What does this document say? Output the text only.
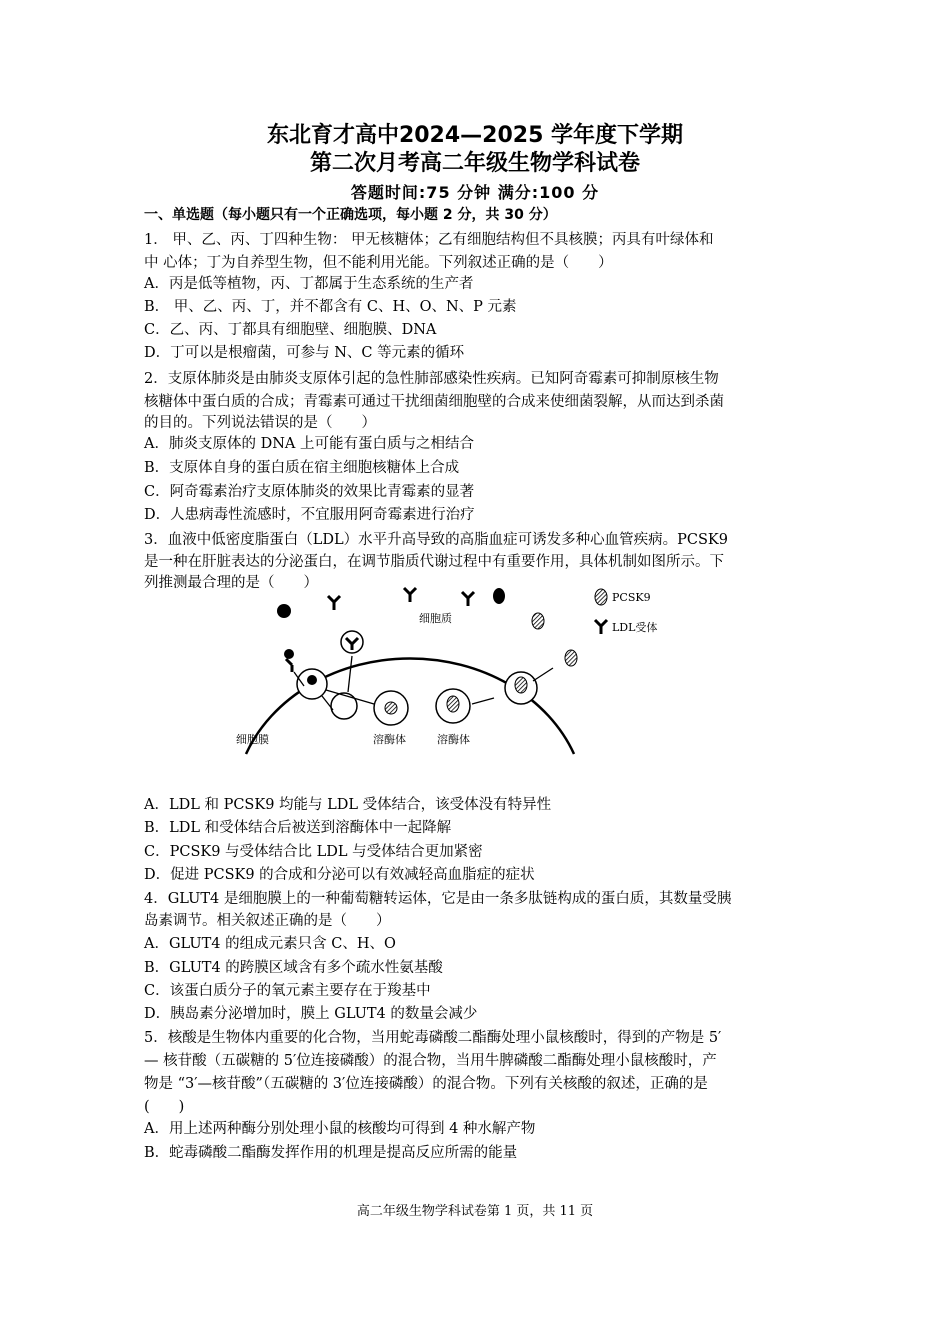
东北育才高中2024—2025 学年度下学期
第二次月考高二年级生物学科试卷
答题时间:75 分钟 满分:100 分
一、单选题（每小题只有一个正确选项，每小题 2 分，共 30 分）
1． 甲、乙、丙、丁四种生物： 甲无核糖体；乙有细胞结构但不具核膜；丙具有叶绿体和
中 心体；丁为自养型生物，但不能利用光能。下列叙述正确的是（　　）
A．丙是低等植物，丙、丁都属于生态系统的生产者
B． 甲、乙、丙、丁，并不都含有 C、H、O、N、P 元素
C．乙、丙、丁都具有细胞壁、细胞膜、DNA
D．丁可以是根瘤菌，可参与 N、C 等元素的循环
2．支原体肺炎是由肺炎支原体引起的急性肺部感染性疾病。已知阿奇霉素可抑制原核生物
核糖体中蛋白质的合成；青霉素可通过干扰细菌细胞壁的合成来使细菌裂解，从而达到杀菌
的目的。下列说法错误的是（　　）
A．肺炎支原体的 DNA 上可能有蛋白质与之相结合
B．支原体自身的蛋白质在宿主细胞核糖体上合成
C．阿奇霉素治疗支原体肺炎的效果比青霉素的显著
D．人患病毒性流感时，不宜服用阿奇霉素进行治疗
3．血液中低密度脂蛋白（LDL）水平升高导致的高脂血症可诱发多种心血管疾病。PCSK9
是一种在肝脏表达的分泌蛋白，在调节脂质代谢过程中有重要作用，具体机制如图所示。下
列推测最合理的是（　　）
细胞质
细胞膜	溶酶体	溶酶体
PCSK9
LDL受体
A．LDL 和 PCSK9 均能与 LDL 受体结合，该受体没有特异性
B．LDL 和受体结合后被送到溶酶体中一起降解
C．PCSK9 与受体结合比 LDL 与受体结合更加紧密
D．促进 PCSK9 的合成和分泌可以有效减轻高血脂症的症状
4．GLUT4 是细胞膜上的一种葡萄糖转运体，它是由一条多肽链构成的蛋白质，其数量受胰
岛素调节。相关叙述正确的是（　　）
A．GLUT4 的组成元素只含 C、H、O
B．GLUT4 的跨膜区域含有多个疏水性氨基酸
C．该蛋白质分子的氧元素主要存在于羧基中
D．胰岛素分泌增加时，膜上 GLUT4 的数量会减少
5．核酸是生物体内重要的化合物，当用蛇毒磷酸二酯酶处理小鼠核酸时，得到的产物是 5′
— 核苷酸（五碳糖的 5′位连接磷酸）的混合物，当用牛脾磷酸二酯酶处理小鼠核酸时，产
物是 “3′—核苷酸”（五碳糖的 3′位连接磷酸）的混合物。下列有关核酸的叙述，正确的是
(　　)
A．用上述两种酶分别处理小鼠的核酸均可得到 4 种水解产物
B．蛇毒磷酸二酯酶发挥作用的机理是提高反应所需的能量
高二年级生物学科试卷第 1 页，共 11 页
